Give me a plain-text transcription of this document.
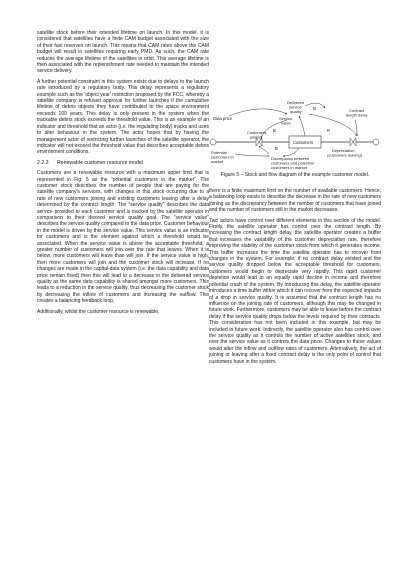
satellite stock before their intended lifetime on launch. In this model, it is considered that satellites have a finite CAM budget associated with the size of their fuel reserves on launch. This means that CAM rates above the CAM budget will result in satellites requiring early PMD. As such, the CAM rate reduces the average lifetime of the satellites in orbit. This average lifetime is then associated with the replenishment rate needed to maintain the intended service delivery.

A further potential constraint in this system exists due to delays to the launch rate introduced by a regulatory body. This delay represents a regulatory example such as the 'object year' restriction proposed by the FCC, whereby a satellite company is refused approval for further launches if the cumulative lifetime of debris objects they have contributed to the space environment exceeds 100 years. This delay is only present in the system when the trackable debris stock exceeds the threshold value. This is an example of an indicator and threshold that an actor (i.e. the regulating body) tracks and uses to alter behaviour in the system. The actor hopes that by having the management actor of restricting further launches of the satellite operator, the indicator will not exceed the threshold value that describes acceptable debris environment conditions.

2.2.3 Renewable customer resource model

Customers are a renewable resource with a maximum upper limit that is represented in Fig. 5 as the "potential customers in the market". The customer stock describes the number of people that are paying for the satellite company's services, with changes in this stock occurring due to a rate of new customers joining and existing customers leaving after a delay determined by the contract length. The "service quality" describes the data service provided to each customer and is tracked by the satellite operator in comparison to their desired service quality goal. The "service value" describes the service quality compared to the data price. Customer behaviour in the model is driven by this service value. This service value is an indicator for customers and is the element against which a threshold would be associated. When the service value is above the acceptable threshold, a greater number of customers will join over the rate that leaves. When it is below, more customers will leave than will join. If the service value is high, then more customers will join and the customer stock will increase. If no changes are made in the capital-data system (i.e. the data capability and data price remain fixed) then this will lead to a decrease in the delivered service quality as the same data capability is shared amongst more customers. This leads to a reduction in the service quality, thus decreasing the customer stock by decreasing the inflow of customers and increasing the outflow. This creates a balancing feedback loop.

Additionally, whilst the customer resource is renewable,

Data price
Delivered
service
quality
Service
value
Contract
length delay
Customers
joining
Customers
Depreciation
(customers leaving)
Potential
customers in
market
Discrepancy between
customers and potential
customers in market
B
R
B
B
Figure 5 – Stock and flow diagram of the example customer model.

there is a finite maximum limit on the number of available customers. Hence, a balancing loop exists to describe the decrease in the rate of new customers joining as the discrepancy between the number of customers that have joined and the number of customers still in the market decreases.

Two actors have control over different elements in this section of the model. Firstly, the satellite operator has control over the contract length. By increasing the contract length delay, the satellite operator creates a buffer that increases the variability of the customer depreciation rate, therefore improving the stability of the customer stock from which it generates income. This buffer increases the time the satellite operator has to recover from changes in the system. For example, if no contract delay existed and the service quality dropped below the acceptable threshold for customers, customers would begin to depreciate very rapidly. This rapid customer depletion would lead to an equally rapid decline in income and therefore potential crash of the system. By introducing this delay, the satellite operator introduces a time buffer within which it can recover from the expected impacts of a drop in service quality. It is assumed that the contract length has no influence on the joining rate of customers, although this may be changed in future work. Furthermore, customers may be able to leave before the contract delay if the service quality drops below the levels required by their contracts. This consideration has not been included in this example, but may be included in future work. Indirectly, the satellite operator also has control over the service quality as it controls the number of active satellites stock, and over the service value as it controls the data price. Changes to these values would alter the inflow and outflow rates of customers. Alternatively, the act of joining or leaving after a fixed contract delay is the only point of control that customers have in the system.
